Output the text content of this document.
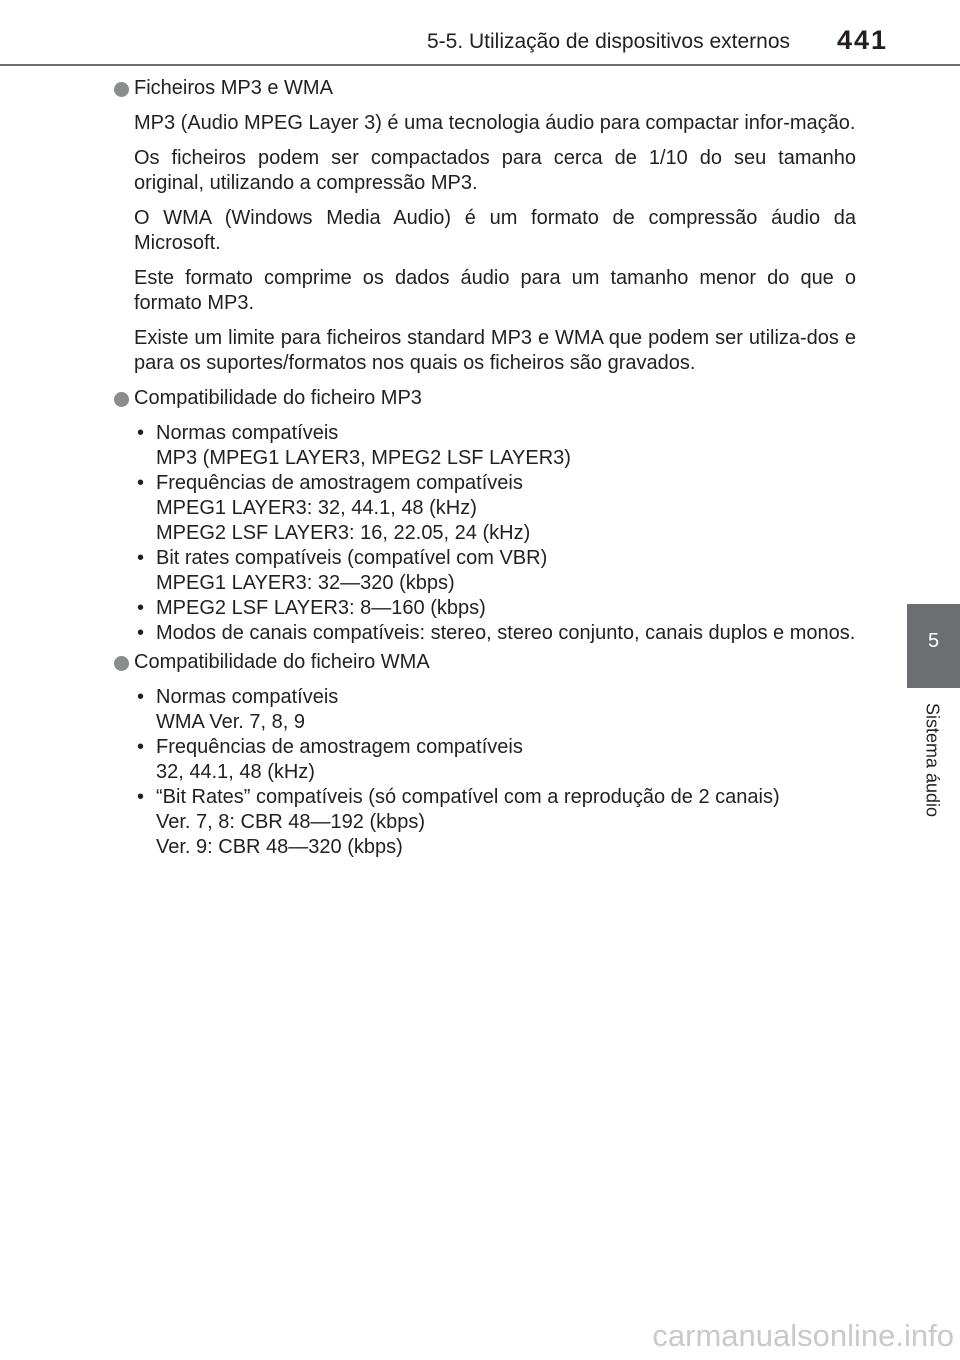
5-5. Utilização de dispositivos externos 441
5
Sistema áudio
Ficheiros MP3 e WMA

MP3 (Audio MPEG Layer 3) é uma tecnologia áudio para compactar infor-mação.

Os ficheiros podem ser compactados para cerca de 1/10 do seu tamanho original, utilizando a compressão MP3.

O WMA (Windows Media Audio) é um formato de compressão áudio da Microsoft.

Este formato comprime os dados áudio para um tamanho menor do que o formato MP3.

Existe um limite para ficheiros standard MP3 e WMA que podem ser utiliza-dos e para os suportes/formatos nos quais os ficheiros são gravados.

Compatibilidade do ficheiro MP3
• Normas compatíveis
MP3 (MPEG1 LAYER3, MPEG2 LSF LAYER3)
• Frequências de amostragem compatíveis
MPEG1 LAYER3: 32, 44.1, 48 (kHz)
MPEG2 LSF LAYER3: 16, 22.05, 24 (kHz)
• Bit rates compatíveis (compatível com VBR)
MPEG1 LAYER3: 32—320 (kbps)
• MPEG2 LSF LAYER3: 8—160 (kbps)
• Modos de canais compatíveis: stereo, stereo conjunto, canais duplos e monos.
Compatibilidade do ficheiro WMA
• Normas compatíveis
WMA Ver. 7, 8, 9
• Frequências de amostragem compatíveis
32, 44.1, 48 (kHz)
• “Bit Rates” compatíveis (só compatível com a reprodução de 2 canais)
Ver. 7, 8: CBR 48—192 (kbps)
Ver. 9: CBR 48—320 (kbps)
carmanualsonline.info
